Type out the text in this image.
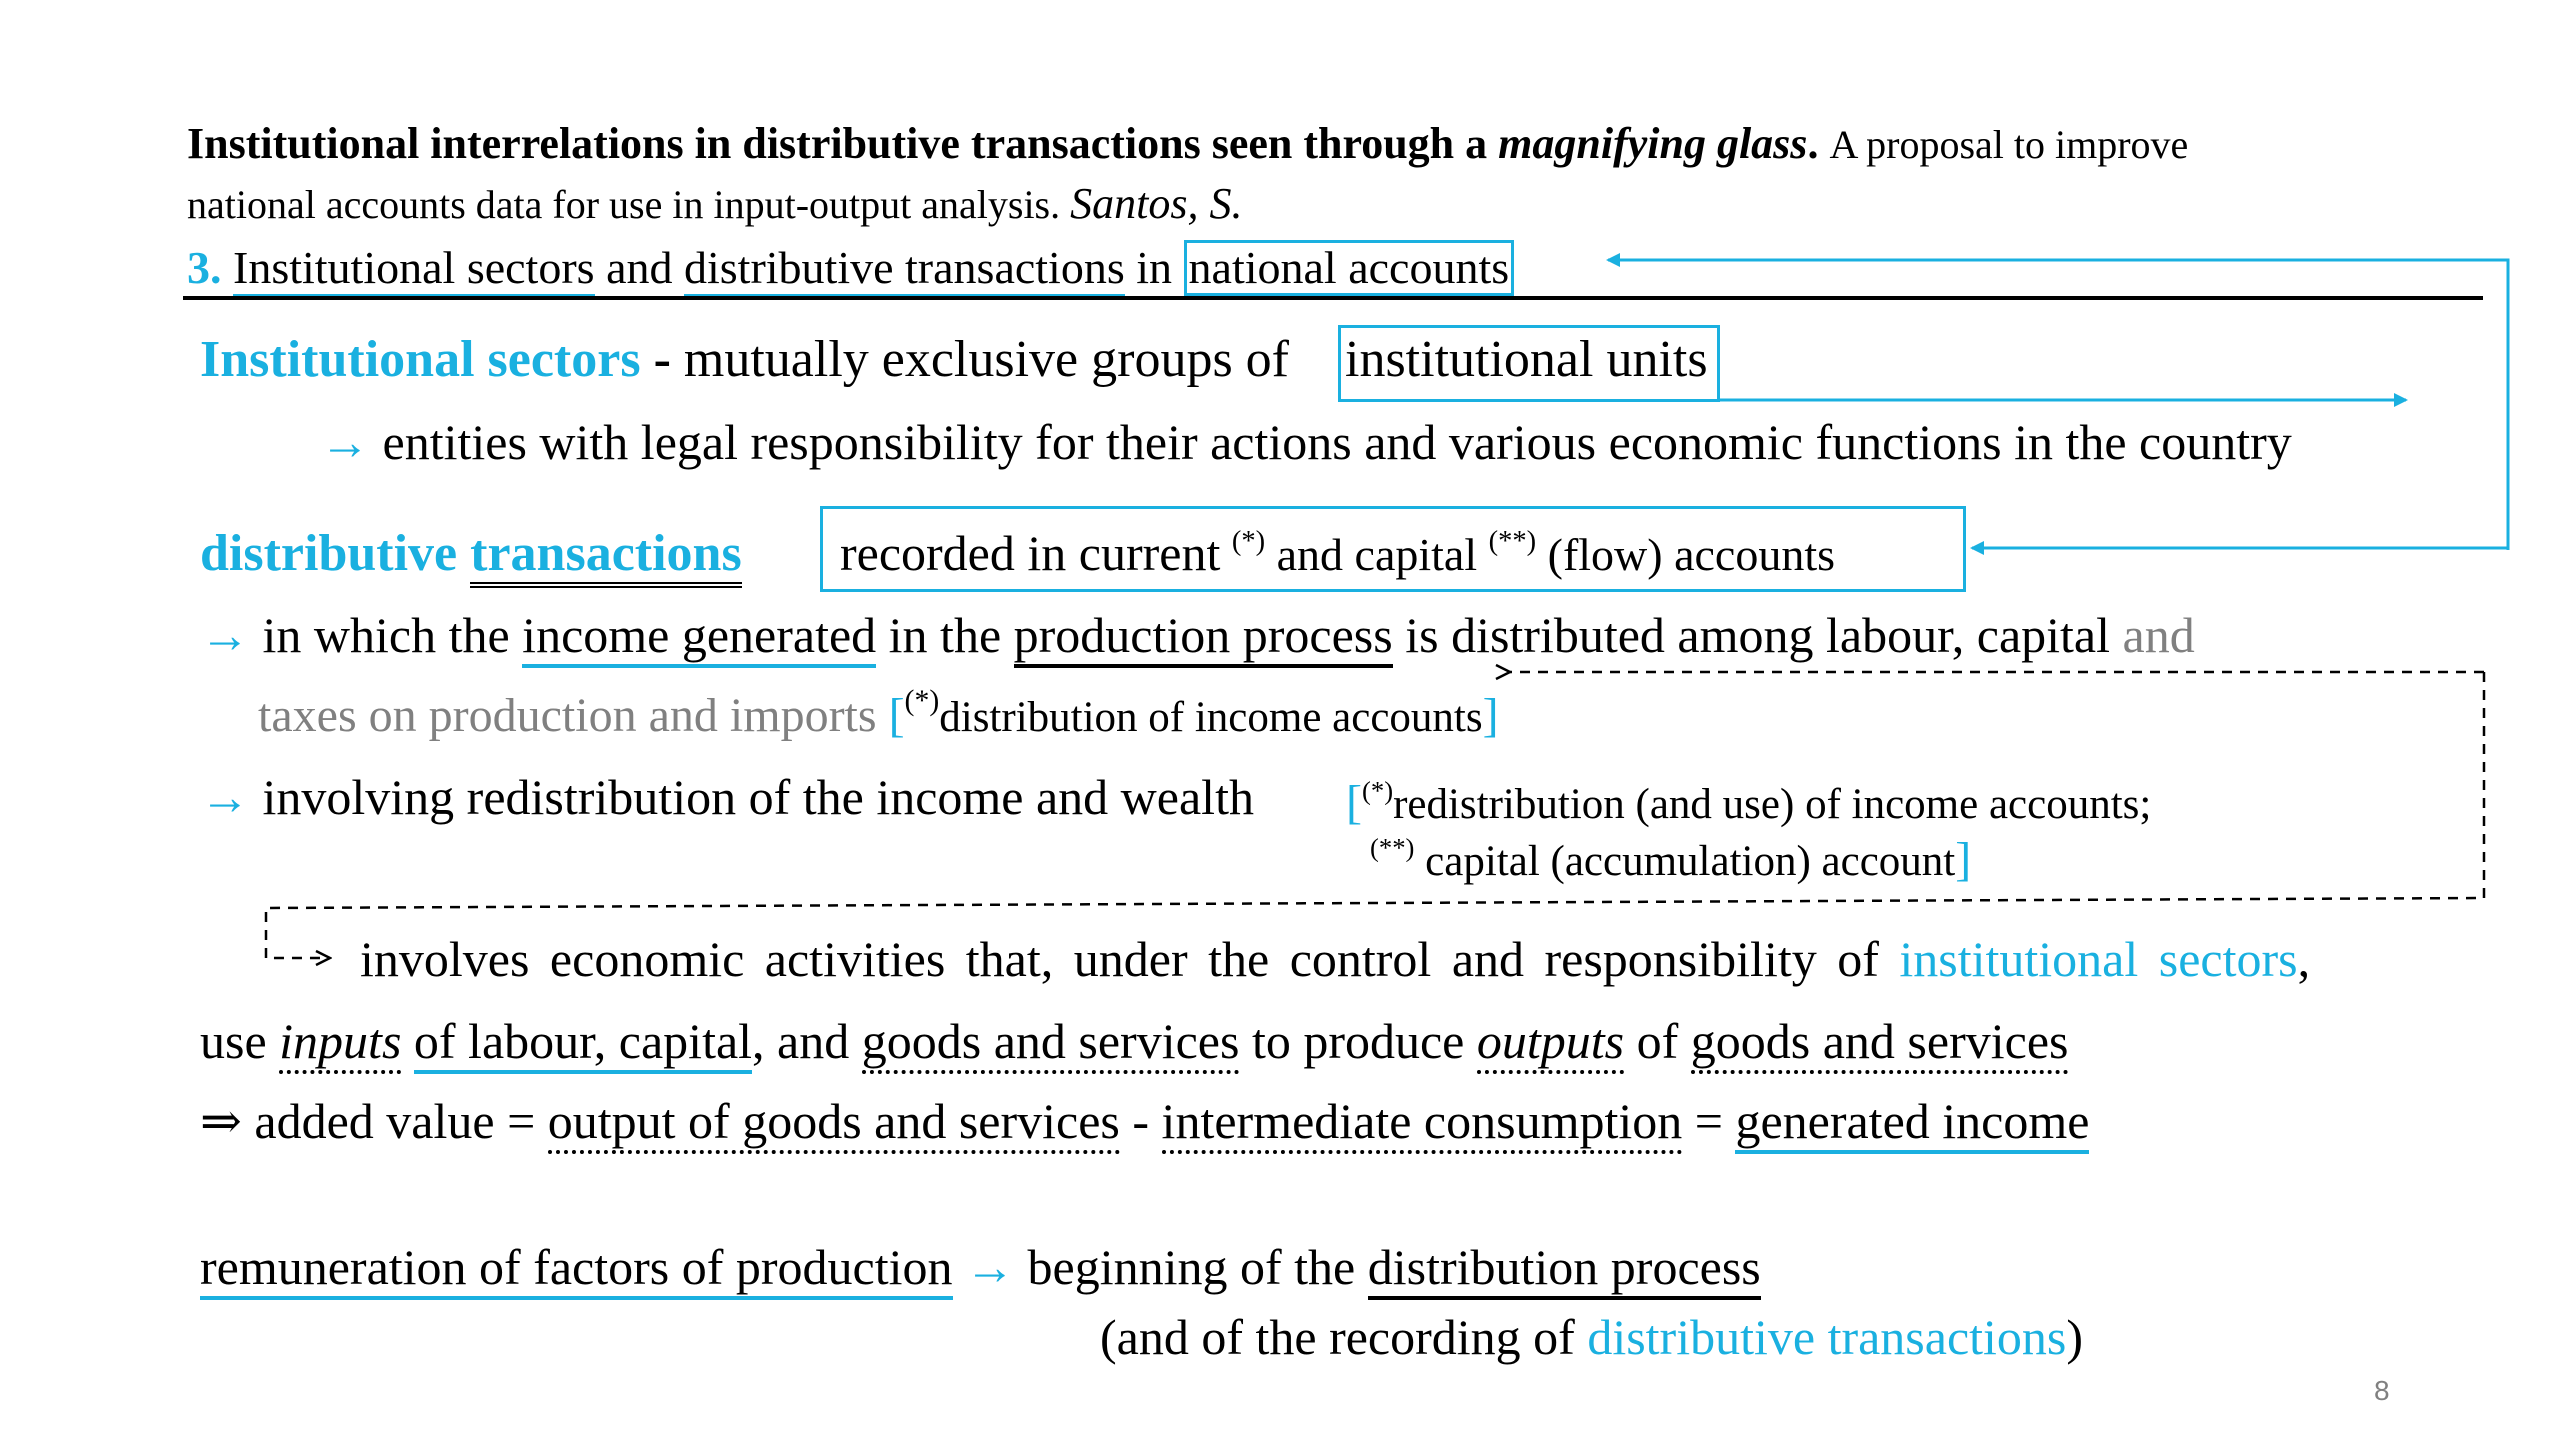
Institutional interrelations in distributive transactions seen through a magnifying glass. A proposal to improve
national accounts data for use in input-output analysis. Santos, S.
3. Institutional sectors and distributive transactions in national accounts
Institutional sectors - mutually exclusive groups of institutional units
→ entities with legal responsibility for their actions and various economic functions in the country
distributive transactions recorded in current (*) and capital (**) (flow) accounts
→ in which the income generated in the production process is distributed among labour, capital and
taxes on production and imports [(*)distribution of income accounts]
→ involving redistribution of the income and wealth [(*)redistribution (and use) of income accounts;
(**) capital (accumulation) account]
involves economic activities that, under the control and responsibility of institutional sectors,
use inputs of labour, capital, and goods and services to produce outputs of goods and services
⇒ added value = output of goods and services - intermediate consumption = generated income
remuneration of factors of production → beginning of the distribution process
(and of the recording of distributive transactions)
8
